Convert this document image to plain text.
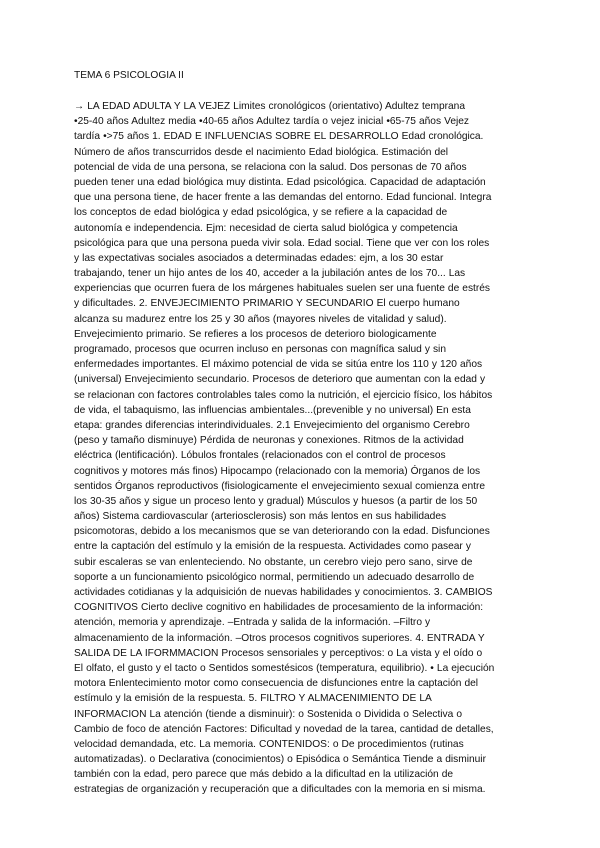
TEMA 6 PSICOLOGIA II
→ LA EDAD ADULTA Y LA VEJEZ Limites cronológicos (orientativo) Adultez temprana
•25-40 años Adultez media •40-65 años Adultez tardía o vejez inicial •65-75 años Vejez
tardía •>75 años 1. EDAD E INFLUENCIAS SOBRE EL DESARROLLO Edad cronológica.
Número de años transcurridos desde el nacimiento Edad biológica. Estimación del
potencial de vida de una persona, se relaciona con la salud. Dos personas de 70 años
pueden tener una edad biológica muy distinta. Edad psicológica. Capacidad de adaptación
que una persona tiene, de hacer frente a las demandas del entorno. Edad funcional. Integra
los conceptos de edad biológica y edad psicológica, y se refiere a la capacidad de
autonomía e independencia. Ejm: necesidad de cierta salud biológica y competencia
psicológica para que una persona pueda vivir sola. Edad social. Tiene que ver con los roles
y las expectativas sociales asociados a determinadas edades: ejm, a los 30 estar
trabajando, tener un hijo antes de los 40, acceder a la jubilación antes de los 70... Las
experiencias que ocurren fuera de los márgenes habituales suelen ser una fuente de estrés
y dificultades. 2. ENVEJECIMIENTO PRIMARIO Y SECUNDARIO El cuerpo humano
alcanza su madurez entre los 25 y 30 años (mayores niveles de vitalidad y salud).
Envejecimiento primario. Se refieres a los procesos de deterioro biologicamente
programado, procesos que ocurren incluso en personas con magnífica salud y sin
enfermedades importantes. El máximo potencial de vida se sitúa entre los 110 y 120 años
(universal) Envejecimiento secundario. Procesos de deterioro que aumentan con la edad y
se relacionan con factores controlables tales como la nutrición, el ejercicio físico, los hábitos
de vida, el tabaquismo, las influencias ambientales...(prevenible y no universal) En esta
etapa: grandes diferencias interindividuales. 2.1 Envejecimiento del organismo Cerebro
(peso y tamaño disminuye) Pérdida de neuronas y conexiones. Ritmos de la actividad
eléctrica (lentificación). Lóbulos frontales (relacionados con el control de procesos
cognitivos y motores más finos) Hipocampo (relacionado con la memoria) Órganos de los
sentidos Órganos reproductivos (fisiologicamente el envejecimiento sexual comienza entre
los 30-35 años y sigue un proceso lento y gradual) Músculos y huesos (a partir de los 50
años) Sistema cardiovascular (arteriosclerosis) son más lentos en sus habilidades
psicomotoras, debido a los mecanismos que se van deteriorando con la edad. Disfunciones
entre la captación del estímulo y la emisión de la respuesta. Actividades como pasear y
subir escaleras se van enlenteciendo. No obstante, un cerebro viejo pero sano, sirve de
soporte a un funcionamiento psicológico normal, permitiendo un adecuado desarrollo de
actividades cotidianas y la adquisición de nuevas habilidades y conocimientos. 3. CAMBIOS
COGNITIVOS Cierto declive cognitivo en habilidades de procesamiento de la información:
atención, memoria y aprendizaje. –Entrada y salida de la información. –Filtro y
almacenamiento de la información. –Otros procesos cognitivos superiores. 4. ENTRADA Y
SALIDA DE LA IFORMMACION Procesos sensoriales y perceptivos: o La vista y el oído o
El olfato, el gusto y el tacto o Sentidos somestésicos (temperatura, equilibrio). • La ejecución
motora Enlentecimiento motor como consecuencia de disfunciones entre la captación del
estímulo y la emisión de la respuesta. 5. FILTRO Y ALMACENIMIENTO DE LA
INFORMACION La atención (tiende a disminuir): o Sostenida o Dividida o Selectiva o
Cambio de foco de atención Factores: Dificultad y novedad de la tarea, cantidad de detalles,
velocidad demandada, etc. La memoria. CONTENIDOS: o De procedimientos (rutinas
automatizadas). o Declarativa (conocimientos) o Episódica o Semántica Tiende a disminuir
también con la edad, pero parece que más debido a la dificultad en la utilización de
estrategias de organización y recuperación que a dificultades con la memoria en si misma.
